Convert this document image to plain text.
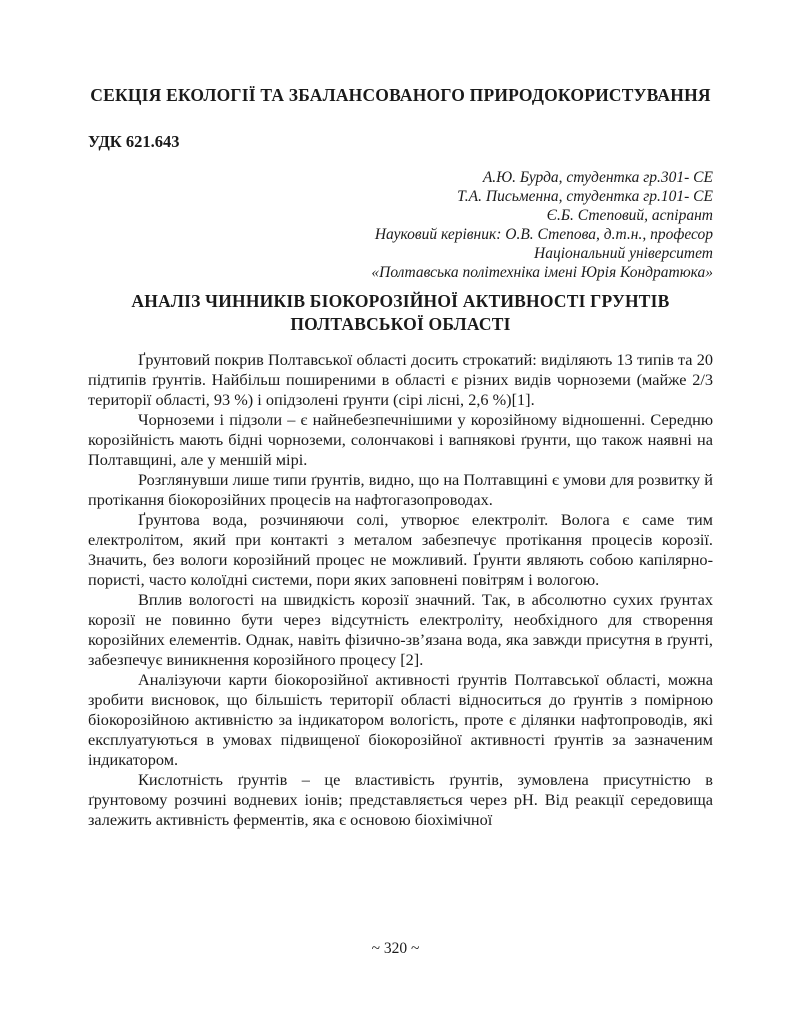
СЕКЦІЯ ЕКОЛОГІЇ ТА ЗБАЛАНСОВАНОГО ПРИРОДОКОРИСТУВАННЯ
УДК 621.643
А.Ю. Бурда, студентка гр.301- СЕ
Т.А. Письменна, студентка гр.101- СЕ
Є.Б. Степовий, аспірант
Науковий керівник: О.В. Степова, д.т.н., професор
Національний університет
«Полтавська політехніка імені Юрія Кондратюка»
АНАЛІЗ ЧИННИКІВ БІОКОРОЗІЙНОЇ АКТИВНОСТІ ГРУНТІВ ПОЛТАВСЬКОЇ ОБЛАСТІ

Ґрунтовий покрив Полтавської області досить строкатий: виділяють 13 типів та 20 підтипів ґрунтів. Найбільш поширеними в області є різних видів чорноземи (майже 2/3 території області, 93 %) і опідзолені ґрунти (сірі лісні, 2,6 %)[1].

Чорноземи і підзоли – є найнебезпечнішими у корозійному відношенні. Середню корозійність мають бідні чорноземи, солончакові і вапнякові ґрунти, що також наявні на Полтавщині, але у меншій мірі.

Розглянувши лише типи ґрунтів, видно, що на Полтавщині є умови для розвитку й протікання біокорозійних процесів на нафтогазопроводах.

Ґрунтова вода, розчиняючи солі, утворює електроліт. Волога є саме тим електролітом, який при контакті з металом забезпечує протікання процесів корозії. Значить, без вологи корозійний процес не можливий. Ґрунти являють собою капілярно-пористі, часто колоїдні системи, пори яких заповнені повітрям і вологою.

Вплив вологості на швидкість корозії значний. Так, в абсолютно сухих ґрунтах корозії не повинно бути через відсутність електроліту, необхідного для створення корозійних елементів. Однак, навіть фізично-зв’язана вода, яка завжди присутня в ґрунті, забезпечує виникнення корозійного процесу [2].

Аналізуючи карти біокорозійної активності ґрунтів Полтавської області, можна зробити висновок, що більшість території області відноситься до ґрунтів з помірною біокорозійною активністю за індикатором вологість, проте є ділянки нафтопроводів, які експлуатуються в умовах підвищеної біокорозійної активності ґрунтів за зазначеним індикатором.

Кислотність ґрунтів – це властивість ґрунтів, зумовлена присутністю в ґрунтовому розчині водневих іонів; представляється через pH. Від реакції середовища залежить активність ферментів, яка є основою біохімічної

~ 320 ~
